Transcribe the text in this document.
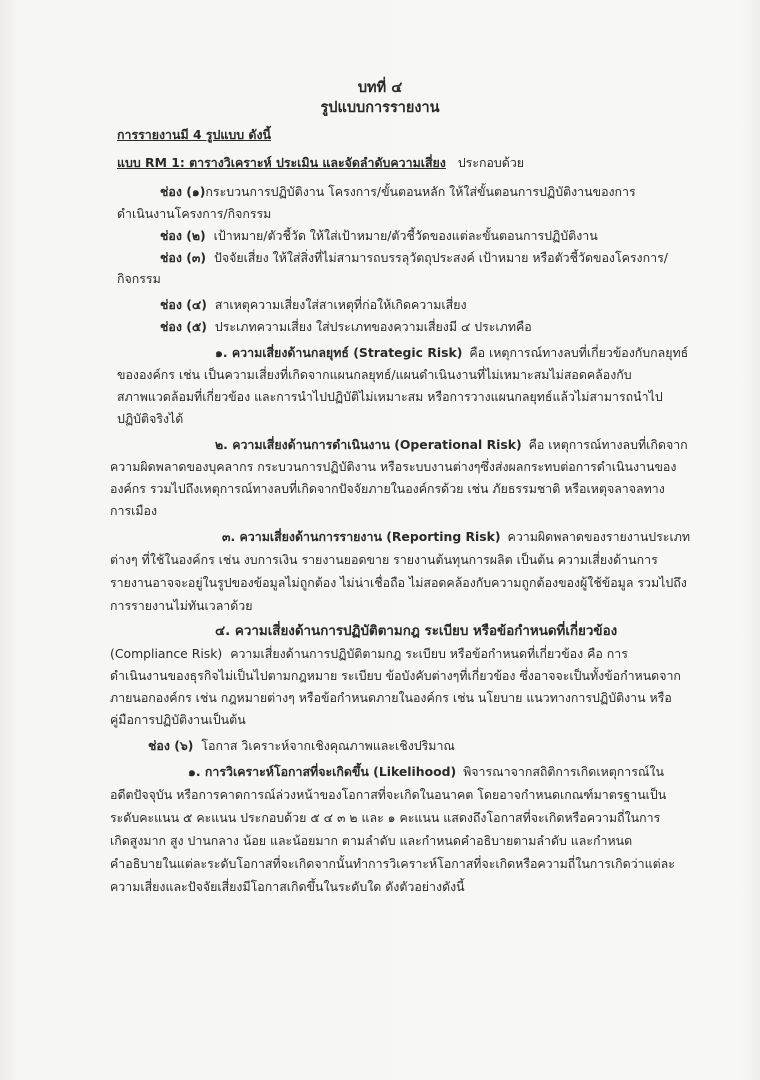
บทที่ ๔
รูปแบบการรายงาน
การรายงานมี 4 รูปแบบ ดังนี้
แบบ RM 1: ตารางวิเคราะห์ ประเมิน และจัดลำดับความเสี่ยง ประกอบด้วย
ช่อง (๑)กระบวนการปฏิบัติงาน โครงการ/ขั้นตอนหลัก ให้ใส่ขั้นตอนการปฏิบัติงานของการ
ดำเนินงานโครงการ/กิจกรรม
ช่อง (๒) เป้าหมาย/ตัวชี้วัด ให้ใส่เป้าหมาย/ตัวชี้วัดของแต่ละขั้นตอนการปฏิบัติงาน
ช่อง (๓) ปัจจัยเสี่ยง ให้ใส่สิ่งที่ไม่สามารถบรรลุวัตถุประสงค์ เป้าหมาย หรือตัวชี้วัดของโครงการ/
กิจกรรม
ช่อง (๔) สาเหตุความเสี่ยงใส่สาเหตุที่ก่อให้เกิดความเสี่ยง
ช่อง (๕) ประเภทความเสี่ยง ใส่ประเภทของความเสี่ยงมี ๔ ประเภทคือ
๑. ความเสี่ยงด้านกลยุทธ์ (Strategic Risk) คือ เหตุการณ์ทางลบที่เกี่ยวข้องกับกลยุทธ์
ขององค์กร เช่น เป็นความเสี่ยงที่เกิดจากแผนกลยุทธ์/แผนดำเนินงานที่ไม่เหมาะสมไม่สอดคล้องกับ
สภาพแวดล้อมที่เกี่ยวข้อง และการนำไปปฏิบัติไม่เหมาะสม หรือการวางแผนกลยุทธ์แล้วไม่สามารถนำไป
ปฏิบัติจริงได้
๒. ความเสี่ยงด้านการดำเนินงาน (Operational Risk) คือ เหตุการณ์ทางลบที่เกิดจาก
ความผิดพลาดของบุคลากร กระบวนการปฏิบัติงาน หรือระบบงานต่างๆซึ่งส่งผลกระทบต่อการดำเนินงานของ
องค์กร รวมไปถึงเหตุการณ์ทางลบที่เกิดจากปัจจัยภายในองค์กรด้วย เช่น ภัยธรรมชาติ หรือเหตุจลาจลทาง
การเมือง
๓. ความเสี่ยงด้านการรายงาน (Reporting Risk) ความผิดพลาดของรายงานประเภท
ต่างๆ ที่ใช้ในองค์กร เช่น งบการเงิน รายงานยอดขาย รายงานต้นทุนการผลิต เป็นต้น ความเสี่ยงด้านการ
รายงานอาจจะอยู่ในรูปของข้อมูลไม่ถูกต้อง ไม่น่าเชื่อถือ ไม่สอดคล้องกับความถูกต้องของผู้ใช้ข้อมูล รวมไปถึง
การรายงานไม่ทันเวลาด้วย
๔. ความเสี่ยงด้านการปฏิบัติตามกฎ ระเบียบ หรือข้อกำหนดที่เกี่ยวข้อง
(Compliance Risk) ความเสี่ยงด้านการปฏิบัติตามกฎ ระเบียบ หรือข้อกำหนดที่เกี่ยวข้อง คือ การ
ดำเนินงานของธุรกิจไม่เป็นไปตามกฎหมาย ระเบียบ ข้อบังคับต่างๆที่เกี่ยวข้อง ซึ่งอาจจะเป็นทั้งข้อกำหนดจาก
ภายนอกองค์กร เช่น กฎหมายต่างๆ หรือข้อกำหนดภายในองค์กร เช่น นโยบาย แนวทางการปฏิบัติงาน หรือ
คู่มือการปฏิบัติงานเป็นต้น
ช่อง (๖) โอกาส วิเคราะห์จากเชิงคุณภาพและเชิงปริมาณ
๑. การวิเคราะห์โอกาสที่จะเกิดขึ้น (Likelihood) พิจารณาจากสถิติการเกิดเหตุการณ์ใน
อดีตปัจจุบัน หรือการคาดการณ์ล่วงหน้าของโอกาสที่จะเกิดในอนาคต โดยอาจกำหนดเกณฑ์มาตรฐานเป็น
ระดับคะแนน ๕ คะแนน ประกอบด้วย ๕ ๔ ๓ ๒ และ ๑ คะแนน แสดงถึงโอกาสที่จะเกิดหรือความถี่ในการ
เกิดสูงมาก สูง ปานกลาง น้อย และน้อยมาก ตามลำดับ และกำหนดคำอธิบายตามลำดับ และกำหนด
คำอธิบายในแต่ละระดับโอกาสที่จะเกิดจากนั้นทำการวิเคราะห์โอกาสที่จะเกิดหรือความถี่ในการเกิดว่าแต่ละ
ความเสี่ยงและปัจจัยเสี่ยงมีโอกาสเกิดขึ้นในระดับใด ดังตัวอย่างดังนี้
